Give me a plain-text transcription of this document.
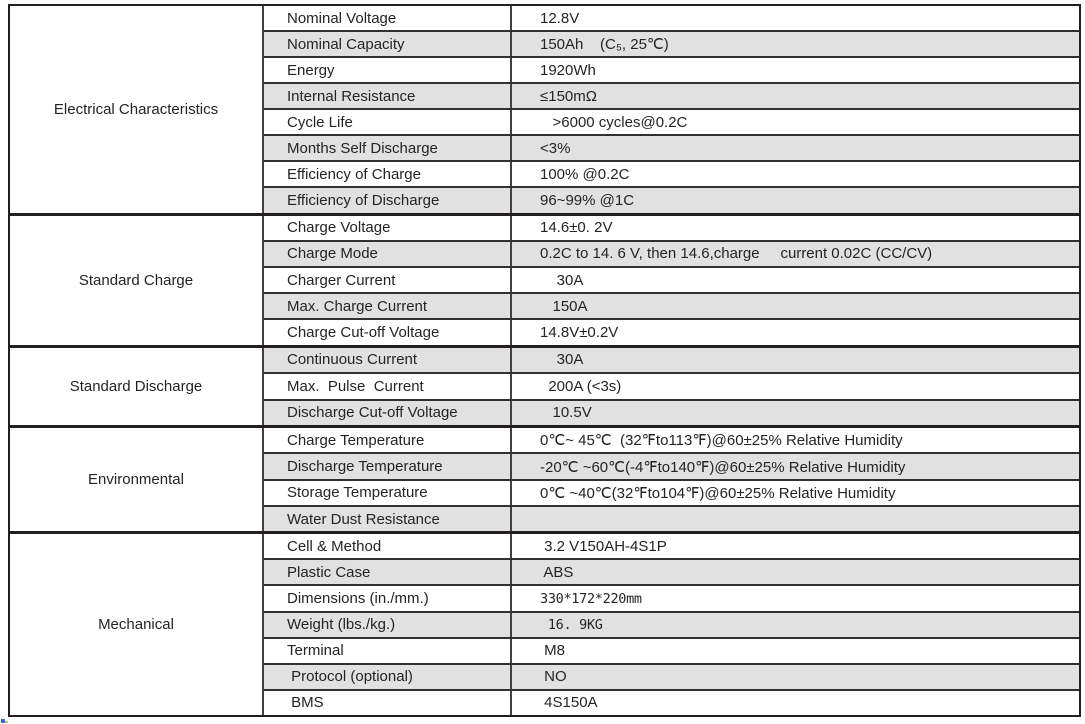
Electrical Characteristics
Nominal Voltage	12.8V
Nominal Capacity	150Ah    (C₅, 25℃)
Energy	1920Wh
Internal Resistance	≤150mΩ
Cycle Life	>6000 cycles@0.2C
Months Self Discharge	<3%
Efficiency of Charge	100% @0.2C
Efficiency of Discharge	96~99% @1C
Standard Charge
Charge Voltage	14.6±0. 2V
Charge Mode	0.2C to 14. 6 V, then 14.6,charge     current 0.02C (CC/CV)
Charger Current	30A
Max. Charge Current	150A
Charge Cut-off Voltage	14.8V±0.2V
Standard Discharge
Continuous Current	30A
Max.  Pulse  Current	200A (<3s)
Discharge Cut-off Voltage	10.5V
Environmental
Charge Temperature	0℃~ 45℃  (32℉to113℉)@60±25% Relative Humidity
Discharge Temperature	-20℃ ~60℃(-4℉to140℉)@60±25% Relative Humidity
Storage Temperature	0℃ ~40℃(32℉to104℉)@60±25% Relative Humidity
Water Dust Resistance
Mechanical
Cell & Method	3.2 V150AH-4S1P
Plastic Case	ABS
Dimensions (in./mm.)	330*172*220mm
Weight (lbs./kg.)	16. 9KG
Terminal	M8
Protocol (optional)	NO
BMS	4S150A
